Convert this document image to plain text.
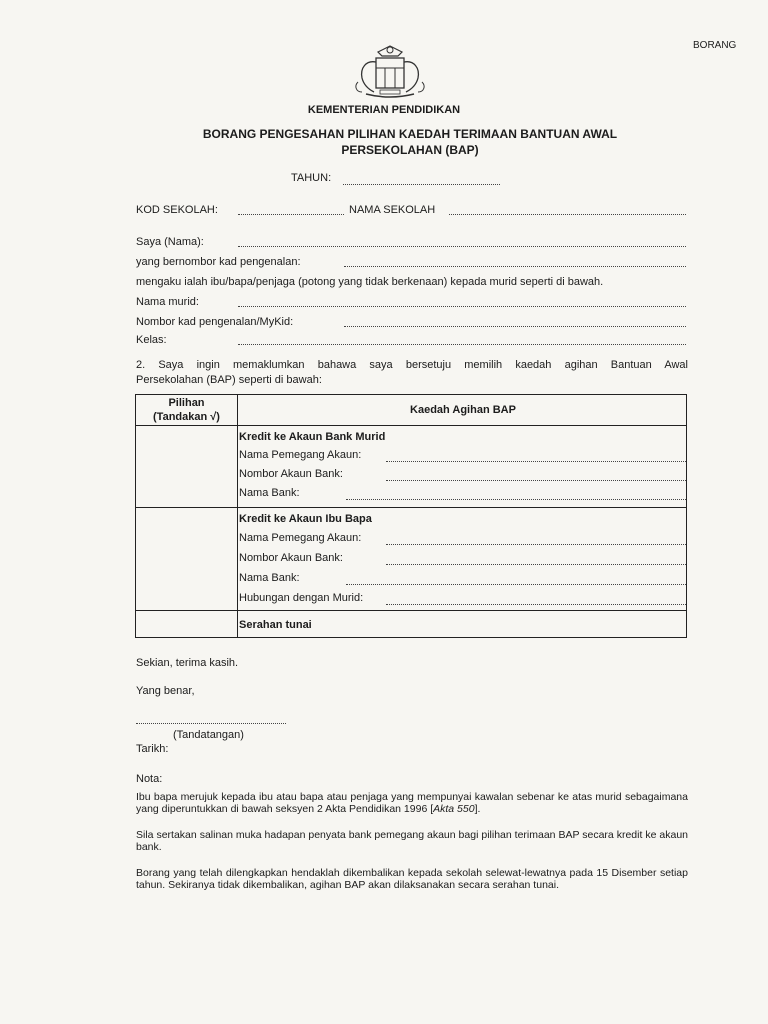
BORANG
KEMENTERIAN PENDIDIKAN
BORANG PENGESAHAN PILIHAN KAEDAH TERIMAAN BANTUAN AWAL
PERSEKOLAHAN (BAP)
TAHUN:
KOD SEKOLAH:	NAMA SEKOLAH
Saya (Nama):
yang bernombor kad pengenalan:
mengaku ialah ibu/bapa/penjaga (potong yang tidak berkenaan) kepada murid seperti di bawah.
Nama murid:
Nombor kad pengenalan/MyKid:
Kelas:
2. Saya ingin memaklumkan bahawa saya bersetuju memilih kaedah agihan Bantuan Awal
Persekolahan (BAP) seperti di bawah:
Pilihan
(Tandakan √)
Kaedah Agihan BAP
Kredit ke Akaun Bank Murid
Nama Pemegang Akaun:
Nombor Akaun Bank:
Nama Bank:
Kredit ke Akaun Ibu Bapa
Nama Pemegang Akaun:
Nombor Akaun Bank:
Nama Bank:
Hubungan dengan Murid:
Serahan tunai
Sekian, terima kasih.
Yang benar,
(Tandatangan)
Tarikh:
Nota:
Ibu bapa merujuk kepada ibu atau bapa atau penjaga yang mempunyai kawalan sebenar ke atas murid sebagaimana yang diperuntukkan di bawah seksyen 2 Akta Pendidikan 1996 [Akta 550].
Sila sertakan salinan muka hadapan penyata bank pemegang akaun bagi pilihan terimaan BAP secara kredit ke akaun bank.
Borang yang telah dilengkapkan hendaklah dikembalikan kepada sekolah selewat-lewatnya pada 15 Disember setiap tahun. Sekiranya tidak dikembalikan, agihan BAP akan dilaksanakan secara serahan tunai.
